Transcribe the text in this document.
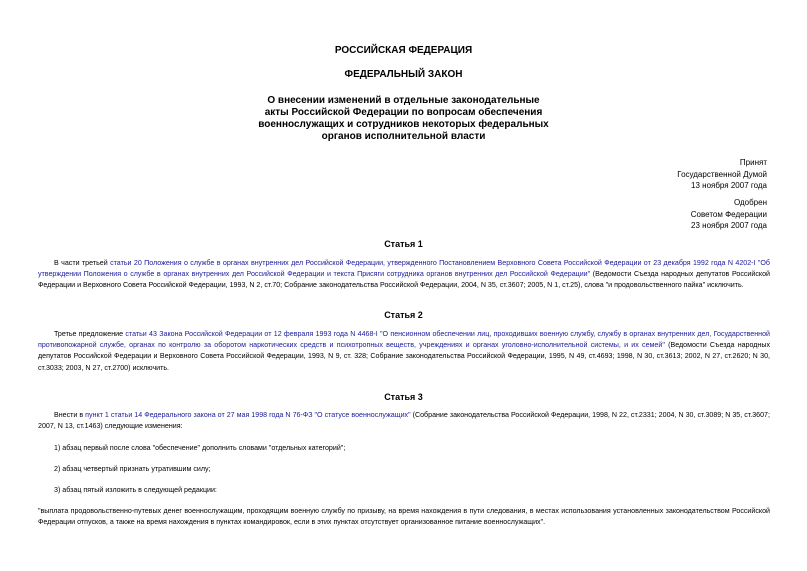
РОССИЙСКАЯ ФЕДЕРАЦИЯ
ФЕДЕРАЛЬНЫЙ ЗАКОН
О внесении изменений в отдельные законодательные
акты Российской Федерации по вопросам обеспечения
военнослужащих и сотрудников некоторых федеральных
органов исполнительной власти
Принят
Государственной Думой
13 ноября 2007 года
Одобрен
Советом Федерации
23 ноября 2007 года
Статья 1
В части третьей статьи 20 Положения о службе в органах внутренних дел Российской Федерации, утвержденного Постановлением Верховного Совета Российской Федерации от 23 декабря 1992 года N 4202-I "Об утверждении Положения о службе в органах внутренних дел Российской Федерации и текста Присяги сотрудника органов внутренних дел Российской Федерации" (Ведомости Съезда народных депутатов Российской Федерации и Верховного Совета Российской Федерации, 1993, N 2, ст.70; Собрание законодательства Российской Федерации, 2004, N 35, ст.3607; 2005, N 1, ст.25), слова "и продовольственного пайка" исключить.
Статья 2
Третье предложение статьи 43 Закона Российской Федерации от 12 февраля 1993 года N 4468-I "О пенсионном обеспечении лиц, проходивших военную службу, службу в органах внутренних дел, Государственной противопожарной службе, органах по контролю за оборотом наркотических средств и психотропных веществ, учреждениях и органах уголовно-исполнительной системы, и их семей" (Ведомости Съезда народных депутатов Российской Федерации и Верховного Совета Российской Федерации, 1993, N 9, ст. 328; Собрание законодательства Российской Федерации, 1995, N 49, ст.4693; 1998, N 30, ст.3613; 2002, N 27, ст.2620; N 30, ст.3033; 2003, N 27, ст.2700) исключить.
Статья 3
Внести в пункт 1 статьи 14 Федерального закона от 27 мая 1998 года N 76-ФЗ "О статусе военнослужащих" (Собрание законодательства Российской Федерации, 1998, N 22, ст.2331; 2004, N 30, ст.3089; N 35, ст.3607; 2007, N 13, ст.1463) следующие изменения:
1) абзац первый после слова "обеспечение" дополнить словами "отдельных категорий";
2) абзац четвертый признать утратившим силу;
3) абзац пятый изложить в следующей редакции:
"выплата продовольственно-путевых денег военнослужащим, проходящим военную службу по призыву, на время нахождения в пути следования, в местах использования установленных законодательством Российской Федерации отпусков, а также на время нахождения в пунктах командировок, если в этих пунктах отсутствует организованное питание военнослужащих".
